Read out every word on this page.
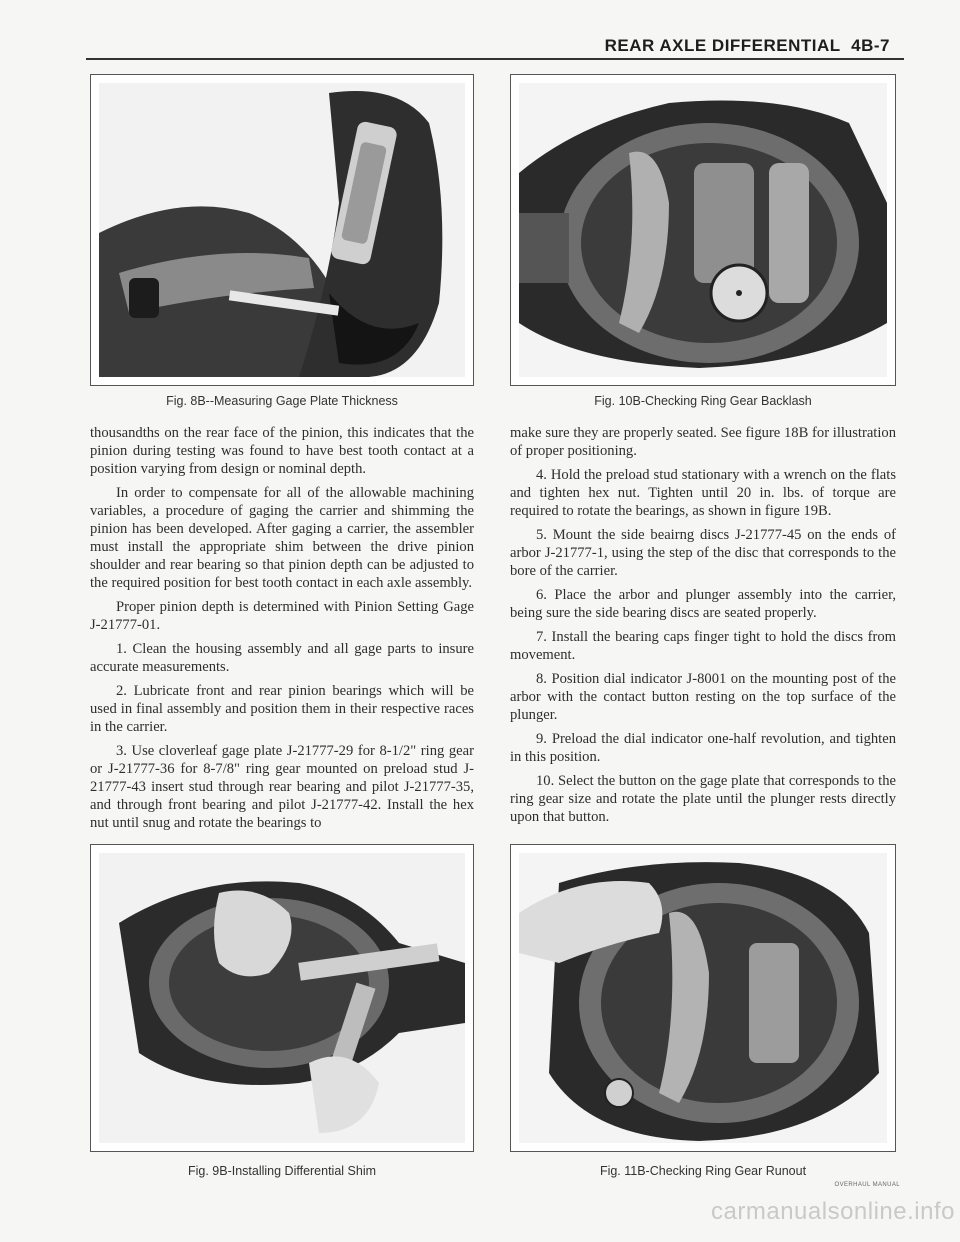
REAR AXLE DIFFERENTIAL 4B-7
Fig. 8B--Measuring Gage Plate Thickness	Fig. 10B-Checking Ring Gear Backlash

thousandths on the rear face of the pinion, this indicates that the pinion during testing was found to have best tooth contact at a position varying from design or nominal depth.

In order to compensate for all of the allowable machining variables, a procedure of gaging the carrier and shimming the pinion has been developed. After gaging a carrier, the assembler must install the appropriate shim between the drive pinion shoulder and rear bearing so that pinion depth can be adjusted to the required position for best tooth contact in each axle assembly.

Proper pinion depth is determined with Pinion Setting Gage J-21777-01.

1. Clean the housing assembly and all gage parts to insure accurate measurements.

2. Lubricate front and rear pinion bearings which will be used in final assembly and position them in their respective races in the carrier.

3. Use cloverleaf gage plate J-21777-29 for 8-1/2" ring gear or J-21777-36 for 8-7/8" ring gear mounted on preload stud J-21777-43 insert stud through rear bearing and pilot J-21777-35, and through front bearing and pilot J-21777-42. Install the hex nut until snug and rotate the bearings to

make sure they are properly seated. See figure 18B for illustration of proper positioning.

4. Hold the preload stud stationary with a wrench on the flats and tighten hex nut. Tighten until 20 in. lbs. of torque are required to rotate the bearings, as shown in figure 19B.

5. Mount the side beairng discs J-21777-45 on the ends of arbor J-21777-1, using the step of the disc that corresponds to the bore of the carrier.

6. Place the arbor and plunger assembly into the carrier, being sure the side bearing discs are seated properly.

7. Install the bearing caps finger tight to hold the discs from movement.

8. Position dial indicator J-8001 on the mounting post of the arbor with the contact button resting on the top surface of the plunger.

9. Preload the dial indicator one-half revolution, and tighten in this position.

10. Select the button on the gage plate that corresponds to the ring gear size and rotate the plate until the plunger rests directly upon that button.

Fig. 9B-Installing Differential Shim	Fig. 11B-Checking Ring Gear Runout
OVERHAUL MANUAL
carmanualsonline.info
